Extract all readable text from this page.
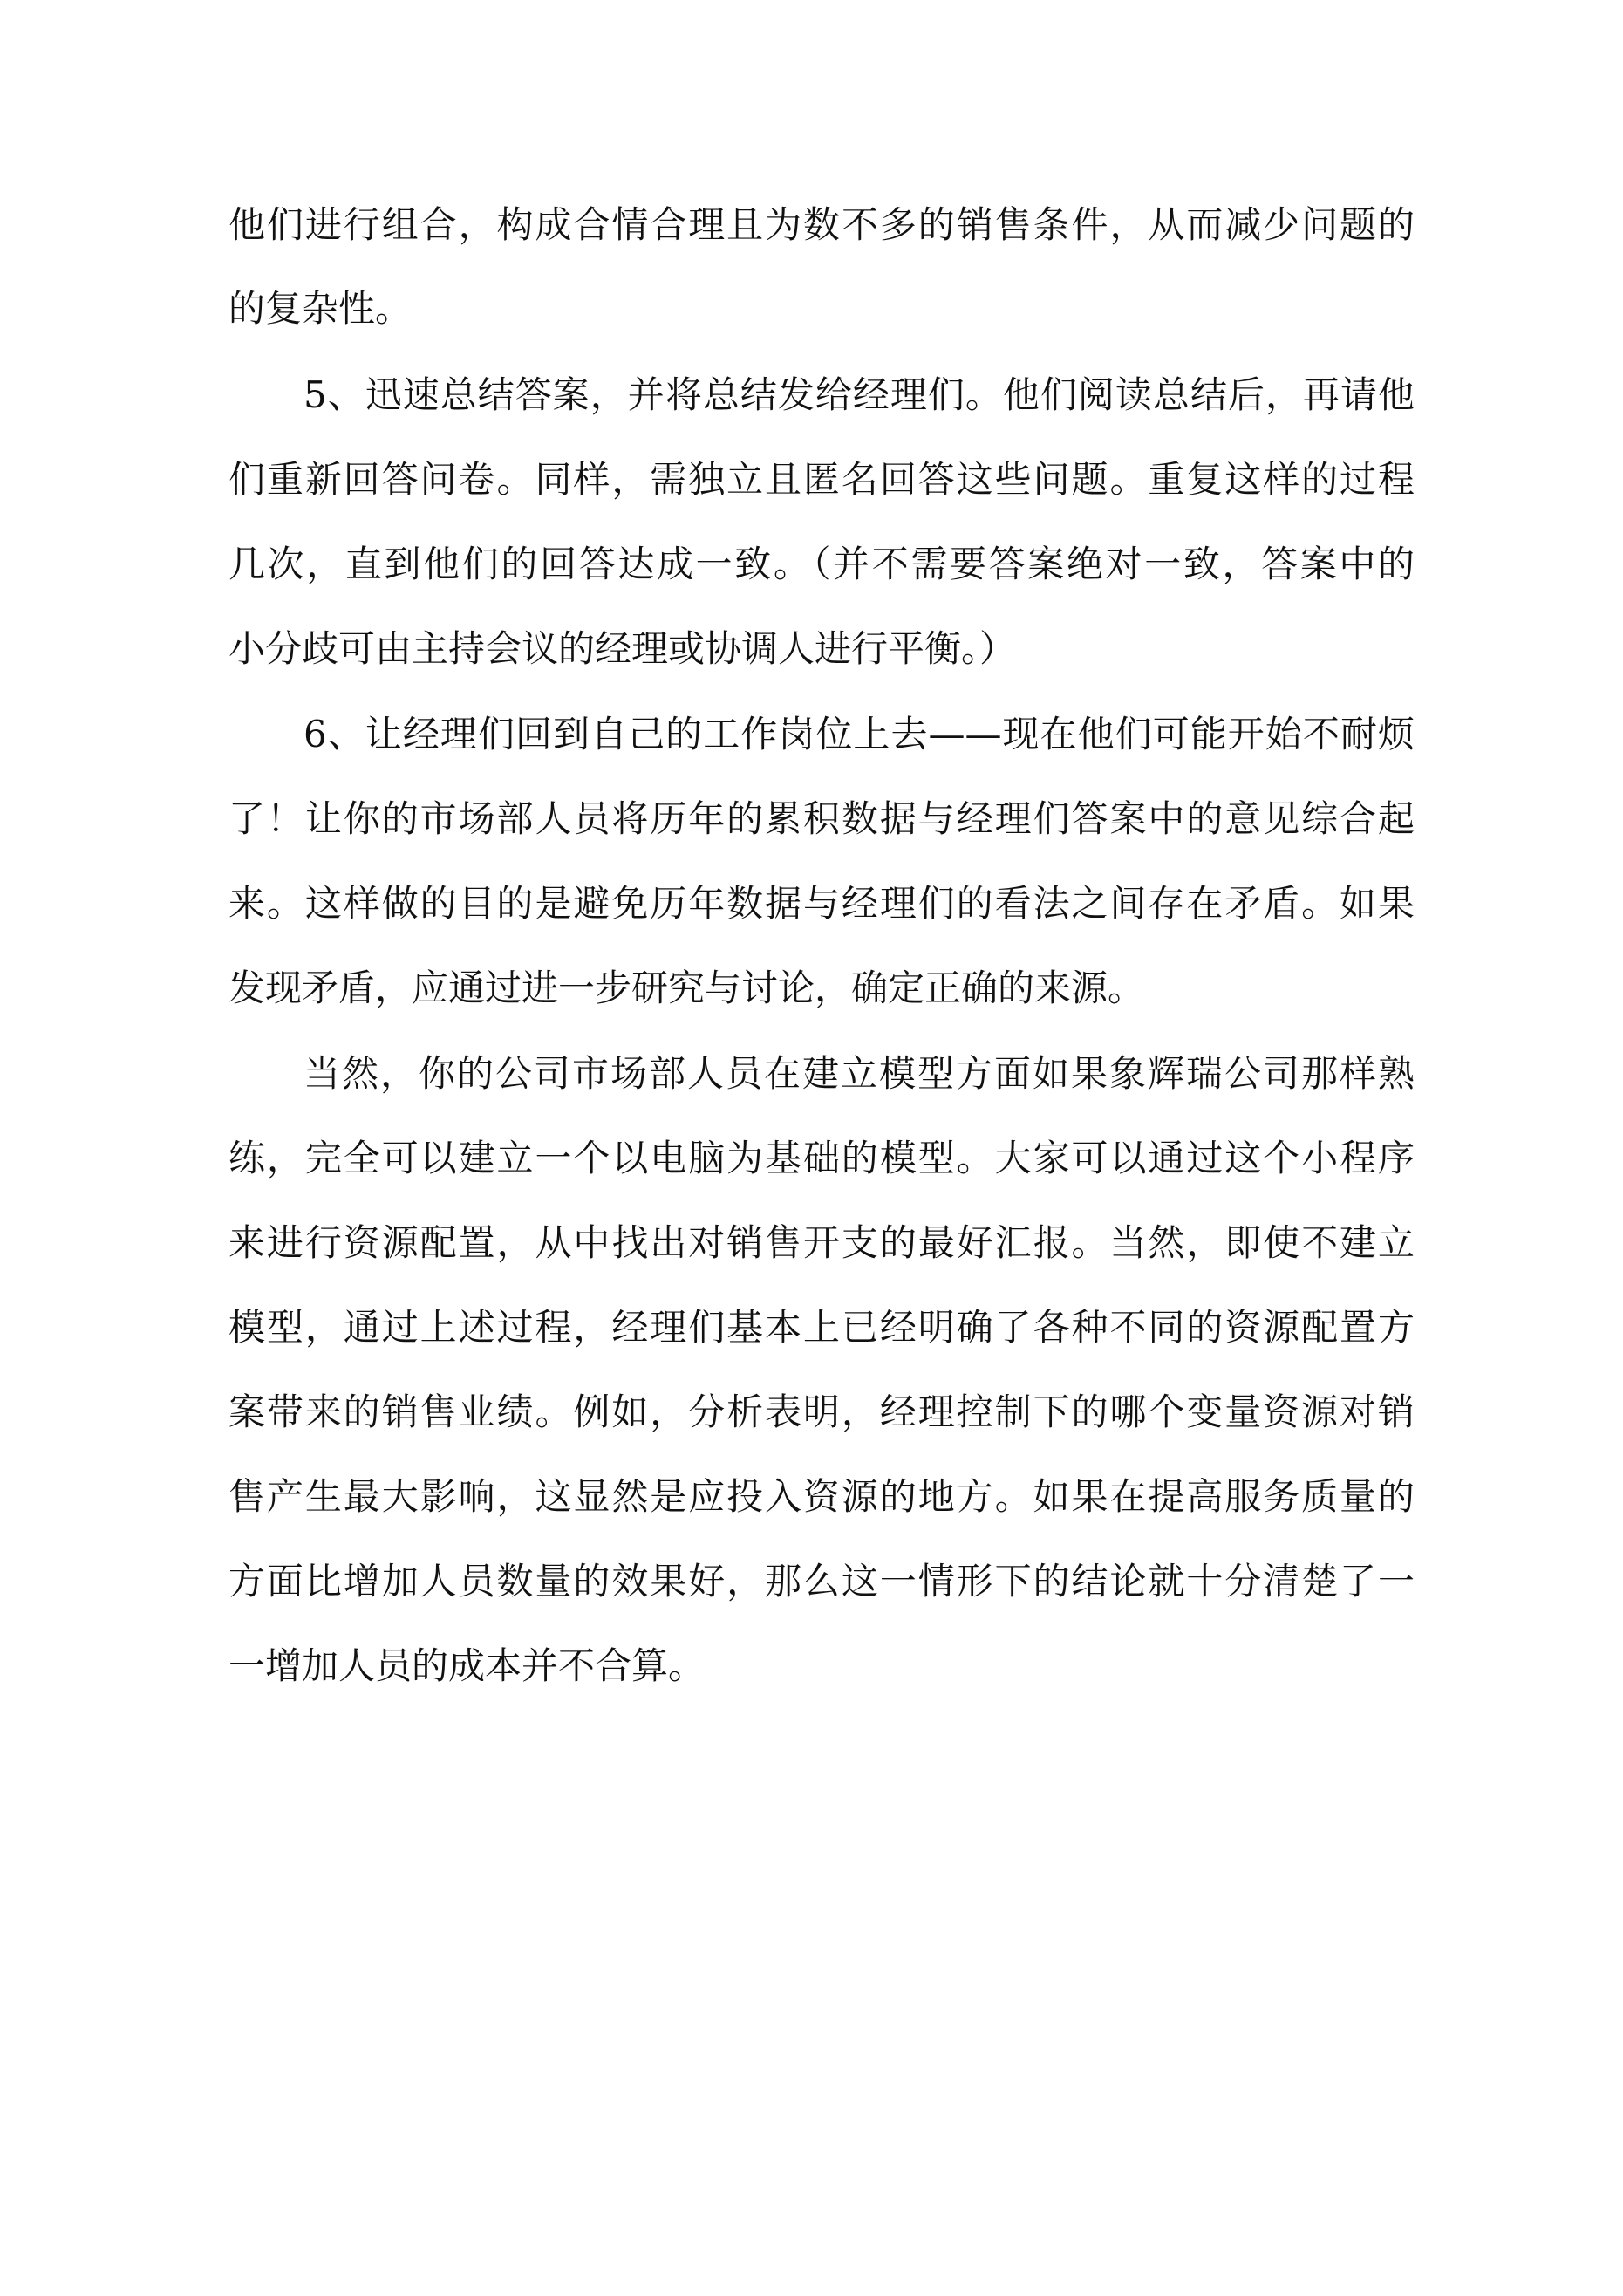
他们进行组合，构成合情合理且为数不多的销售条件，从而减少问题的
的复杂性。
5、迅速总结答案，并将总结发给经理们。他们阅读总结后，再请他
们重新回答问卷。同样，需独立且匿名回答这些问题。重复这样的过程
几次，直到他们的回答达成一致。（并不需要答案绝对一致，答案中的
小分歧可由主持会议的经理或协调人进行平衡。）
6、让经理们回到自己的工作岗位上去——现在他们可能开始不耐烦
了！让你的市场部人员将历年的累积数据与经理们答案中的意见综合起
来。这样做的目的是避免历年数据与经理们的看法之间存在矛盾。如果
发现矛盾，应通过进一步研究与讨论，确定正确的来源。
当然，你的公司市场部人员在建立模型方面如果象辉瑞公司那样熟
练，完全可以建立一个以电脑为基础的模型。大家可以通过这个小程序
来进行资源配置，从中找出对销售开支的最好汇报。当然，即使不建立
模型，通过上述过程，经理们基本上已经明确了各种不同的资源配置方
案带来的销售业绩。例如，分析表明，经理控制下的哪个变量资源对销
售产生最大影响，这显然是应投入资源的地方。如果在提高服务质量的
方面比增加人员数量的效果好，那么这一情形下的结论就十分清楚了一
一增加人员的成本并不合算。
